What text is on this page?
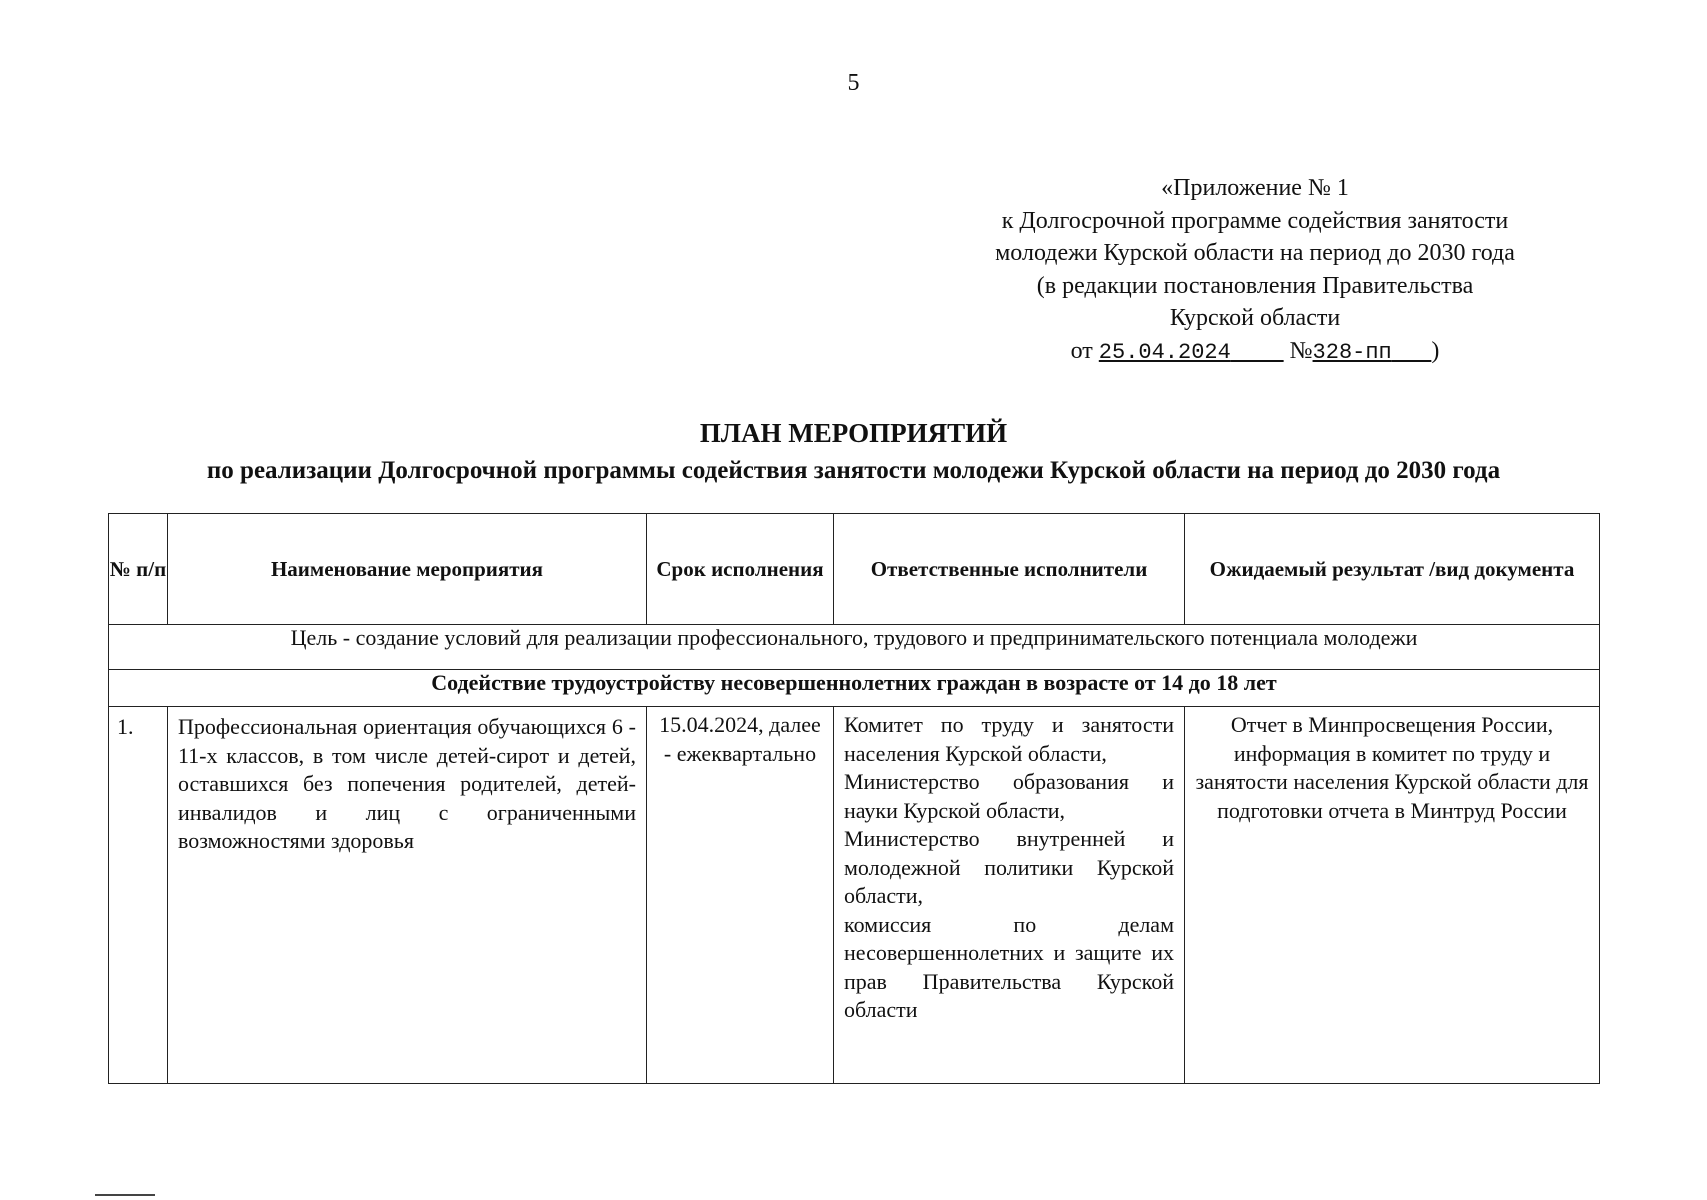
5
«Приложение № 1
к Долгосрочной программе содействия занятости
молодежи Курской области на период до 2030 года
(в редакции постановления Правительства
Курской области
от 25.04.2024 №328-пп )
ПЛАН МЕРОПРИЯТИЙ
по реализации Долгосрочной программы содействия занятости молодежи Курской области на период до 2030 года
№ п/п	Наименование мероприятия	Срок исполнения	Ответственные исполнители	Ожидаемый результат /вид документа
Цель - создание условий для реализации профессионального, трудового и предпринимательского потенциала молодежи				
Содействие трудоустройству несовершеннолетних граждан в возрасте от 14 до 18 лет				
1.	Профессиональная ориентация обучающихся 6 - 11-х классов, в том числе детей-сирот и детей, оставшихся без попечения родителей, детей-инвалидов и лиц с ограниченными возможностями здоровья	15.04.2024, далее - ежеквартально	Комитет по труду и занятости населения Курской области,
Министерство образования и науки Курской области,
Министерство внутренней и молодежной политики Курской области,
комиссия по делам несовершеннолетних и защите их прав Правительства Курской области	Отчет в Минпросвещения России, информация в комитет по труду и занятости населения Курской области для подготовки отчета в Минтруд России
